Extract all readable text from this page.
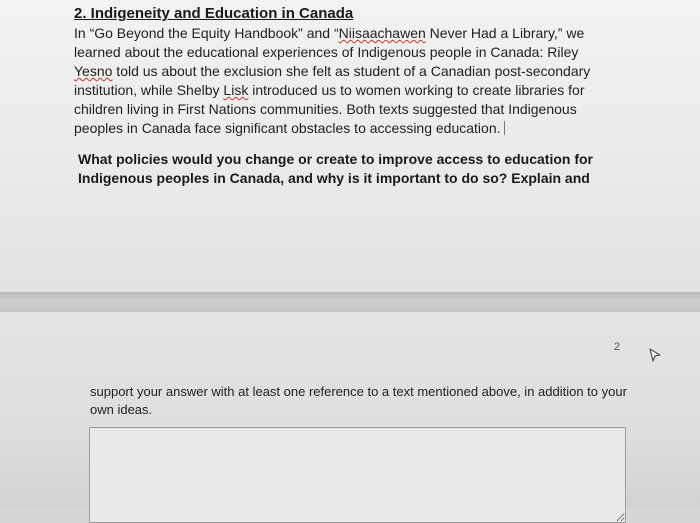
2. Indigeneity and Education in Canada

In “Go Beyond the Equity Handbook” and “Niisaachawen Never Had a Library,” we learned about the educational experiences of Indigenous people in Canada: Riley Yesno told us about the exclusion she felt as student of a Canadian post-secondary institution, while Shelby Lisk introduced us to women working to create libraries for children living in First Nations communities. Both texts suggested that Indigenous peoples in Canada face significant obstacles to accessing education.

What policies would you change or create to improve access to education for Indigenous peoples in Canada, and why is it important to do so? Explain and

2

support your answer with at least one reference to a text mentioned above, in addition to your own ideas.
